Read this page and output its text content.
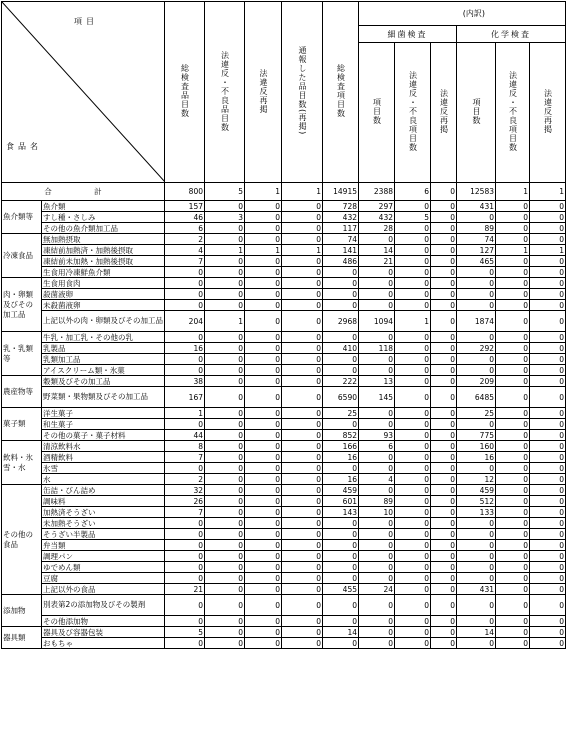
項目
食品名		総検査品目数	法違反・不良品目数	法違反再掲	通報した品目数(再掲)	総検査項目数	(内訳)					
							細菌検査			化学検査		
							項目数	法違反・不良項目数	法違反再掲	項目数	法違反・不良項目数	法違反再掲
合 計		800	5	1	1	14915	2388	6	0	12583	1	1
魚介類等	魚介類	157	0	0	0	728	297	0	0	431	0	0
	すし種・さしみ	46	3	0	0	432	432	5	0	0	0	0
	その他の魚介類加工品	6	0	0	0	117	28	0	0	89	0	0
冷凍食品	無加熱摂取	2	0	0	0	74	0	0	0	74	0	0
	凍結前加熱済・加熱後摂取	4	1	1	1	141	14	0	0	127	1	1
	凍結前未加熱・加熱後摂取	7	0	0	0	486	21	0	0	465	0	0
	生食用冷凍鮮魚介類	0	0	0	0	0	0	0	0	0	0	0
肉・卵類及びその加工品	生食用食肉	0	0	0	0	0	0	0	0	0	0	0
	殺菌液卵	0	0	0	0	0	0	0	0	0	0	0
	未殺菌液卵	0	0	0	0	0	0	0	0	0	0	0
	上記以外の肉・卵類及びその加工品	204	1	0	0	2968	1094	1	0	1874	0	0
乳・乳類等	牛乳・加工乳・その他の乳	0	0	0	0	0	0	0	0	0	0	0
	乳製品	16	0	0	0	410	118	0	0	292	0	0
	乳類加工品	0	0	0	0	0	0	0	0	0	0	0
	アイスクリーム類・氷菓	0	0	0	0	0	0	0	0	0	0	0
農産物等	穀類及びその加工品	38	0	0	0	222	13	0	0	209	0	0
	野菜類・果物類及びその加工品	167	0	0	0	6590	145	0	0	6485	0	0
菓子類	洋生菓子	1	0	0	0	25	0	0	0	25	0	0
	和生菓子	0	0	0	0	0	0	0	0	0	0	0
	その他の菓子・菓子材料	44	0	0	0	852	93	0	0	775	0	0
飲料・氷雪・水	清涼飲料水	8	0	0	0	166	6	0	0	160	0	0
	酒精飲料	7	0	0	0	16	0	0	0	16	0	0
	氷雪	0	0	0	0	0	0	0	0	0	0	0
	水	2	0	0	0	16	4	0	0	12	0	0
その他の食品	缶詰・びん詰め	32	0	0	0	459	0	0	0	459	0	0
	調味料	26	0	0	0	601	89	0	0	512	0	0
	加熱済そうざい	7	0	0	0	143	10	0	0	133	0	0
	未加熱そうざい	0	0	0	0	0	0	0	0	0	0	0
	そうざい半製品	0	0	0	0	0	0	0	0	0	0	0
	弁当類	0	0	0	0	0	0	0	0	0	0	0
	調理パン	0	0	0	0	0	0	0	0	0	0	0
	ゆでめん類	0	0	0	0	0	0	0	0	0	0	0
	豆腐	0	0	0	0	0	0	0	0	0	0	0
	上記以外の食品	21	0	0	0	455	24	0	0	431	0	0
添加物	別表第2の添加物及びその製剤	0	0	0	0	0	0	0	0	0	0	0
	その他添加物	0	0	0	0	0	0	0	0	0	0	0
器具類	器具及び容器包装	5	0	0	0	14	0	0	0	14	0	0
	おもちゃ	0	0	0	0	0	0	0	0	0	0	0
